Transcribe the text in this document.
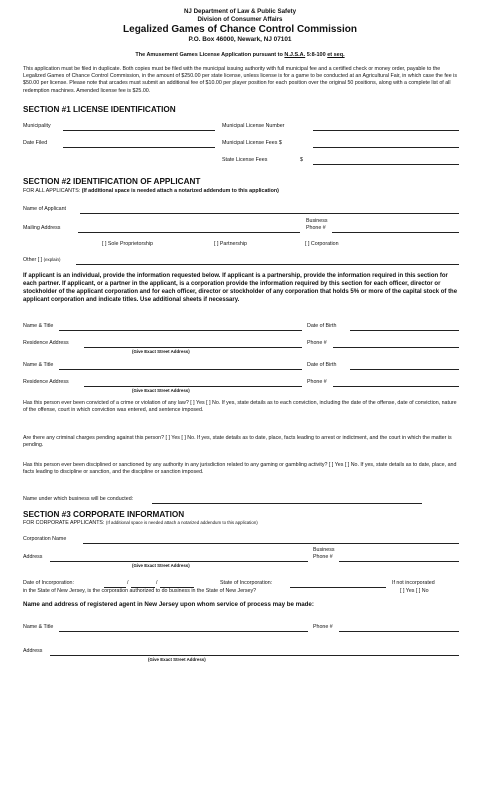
NJ Department of Law & Public Safety
Division of Consumer Affairs
Legalized Games of Chance Control Commission
P.O. Box 46000, Newark, NJ 07101
The Amusement Games License Application pursuant to N.J.S.A. 5:8-100 et seq.
This application must be filed in duplicate. Both copies must be filed with the municipal issuing authority with full municipal fee and a certified check or money order, payable to the Legalized Games of Chance Control Commission, in the amount of $250.00 per state license, unless license is for a game to be conducted at an Agricultural Fair, in which case the fee is $50.00 per license. Please note that arcades must submit an additional fee of $10.00 per player position for each position over the original 50 positions, along with a complete list of all redemption machines. Amended license fee is $25.00.
SECTION #1 LICENSE IDENTIFICATION
Municipality	Municipal License Number
Date Filed	Municipal License Fees $
State License Fees	$
SECTION #2 IDENTIFICATION OF APPLICANT
FOR ALL APPLICANTS: (If additional space is needed attach a notarized addendum to this application)
Name of Applicant
Business
Mailing Address	Phone #
[ ] Sole Proprietorship	[ ] Partnership	[ ] Corporation
Other [ ] (explain)
If applicant is an individual, provide the information requested below. If applicant is a partnership, provide the information required in this section for each partner. If applicant, or a partner in the applicant, is a corporation provide the information required by this section for each officer, director or stockholder of the applicant corporation and for each officer, director or stockholder of any corporation that holds 5% or more of the capital stock of the applicant corporation and indicate titles. Use additional sheets if necessary.
Name & Title	Date of Birth
Residence Address	Phone #
(Give Exact Street Address)
Name & Title	Date of Birth
Residence Address	Phone #
(Give Exact Street Address)
Has this person ever been convicted of a crime or violation of any law? [ ] Yes [ ] No. If yes, state details as to each conviction, including the date of the offense, date of conviction, nature of the offense, court in which conviction was entered, and sentence imposed.
Are there any criminal charges pending against this person? [ ] Yes [ ] No. If yes, state details as to date, place, facts leading to arrest or indictment, and the court in which the matter is pending.
Has this person ever been disciplined or sanctioned by any authority in any jurisdiction related to any gaming or gambling activity? [ ] Yes [ ] No. If yes, state details as to date, place, and facts leading to discipline or sanction, and the discipline or sanction imposed.
Name under which business will be conducted:
SECTION #3 CORPORATE INFORMATION
FOR CORPORATE APPLICANTS: (If additional space is needed attach a notarized addendum to this application)
Corporation Name
Business
Address	Phone #
(Give Exact Street Address)
Date of Incorporation:	/	/	State of Incorporation:	If not incorporated
in the State of New Jersey, is the corporation authorized to do business in the State of New Jersey?	[ ] Yes [ ] No
Name and address of registered agent in New Jersey upon whom service of process may be made:
Name & Title	Phone #
Address
(Give Exact Street Address)
